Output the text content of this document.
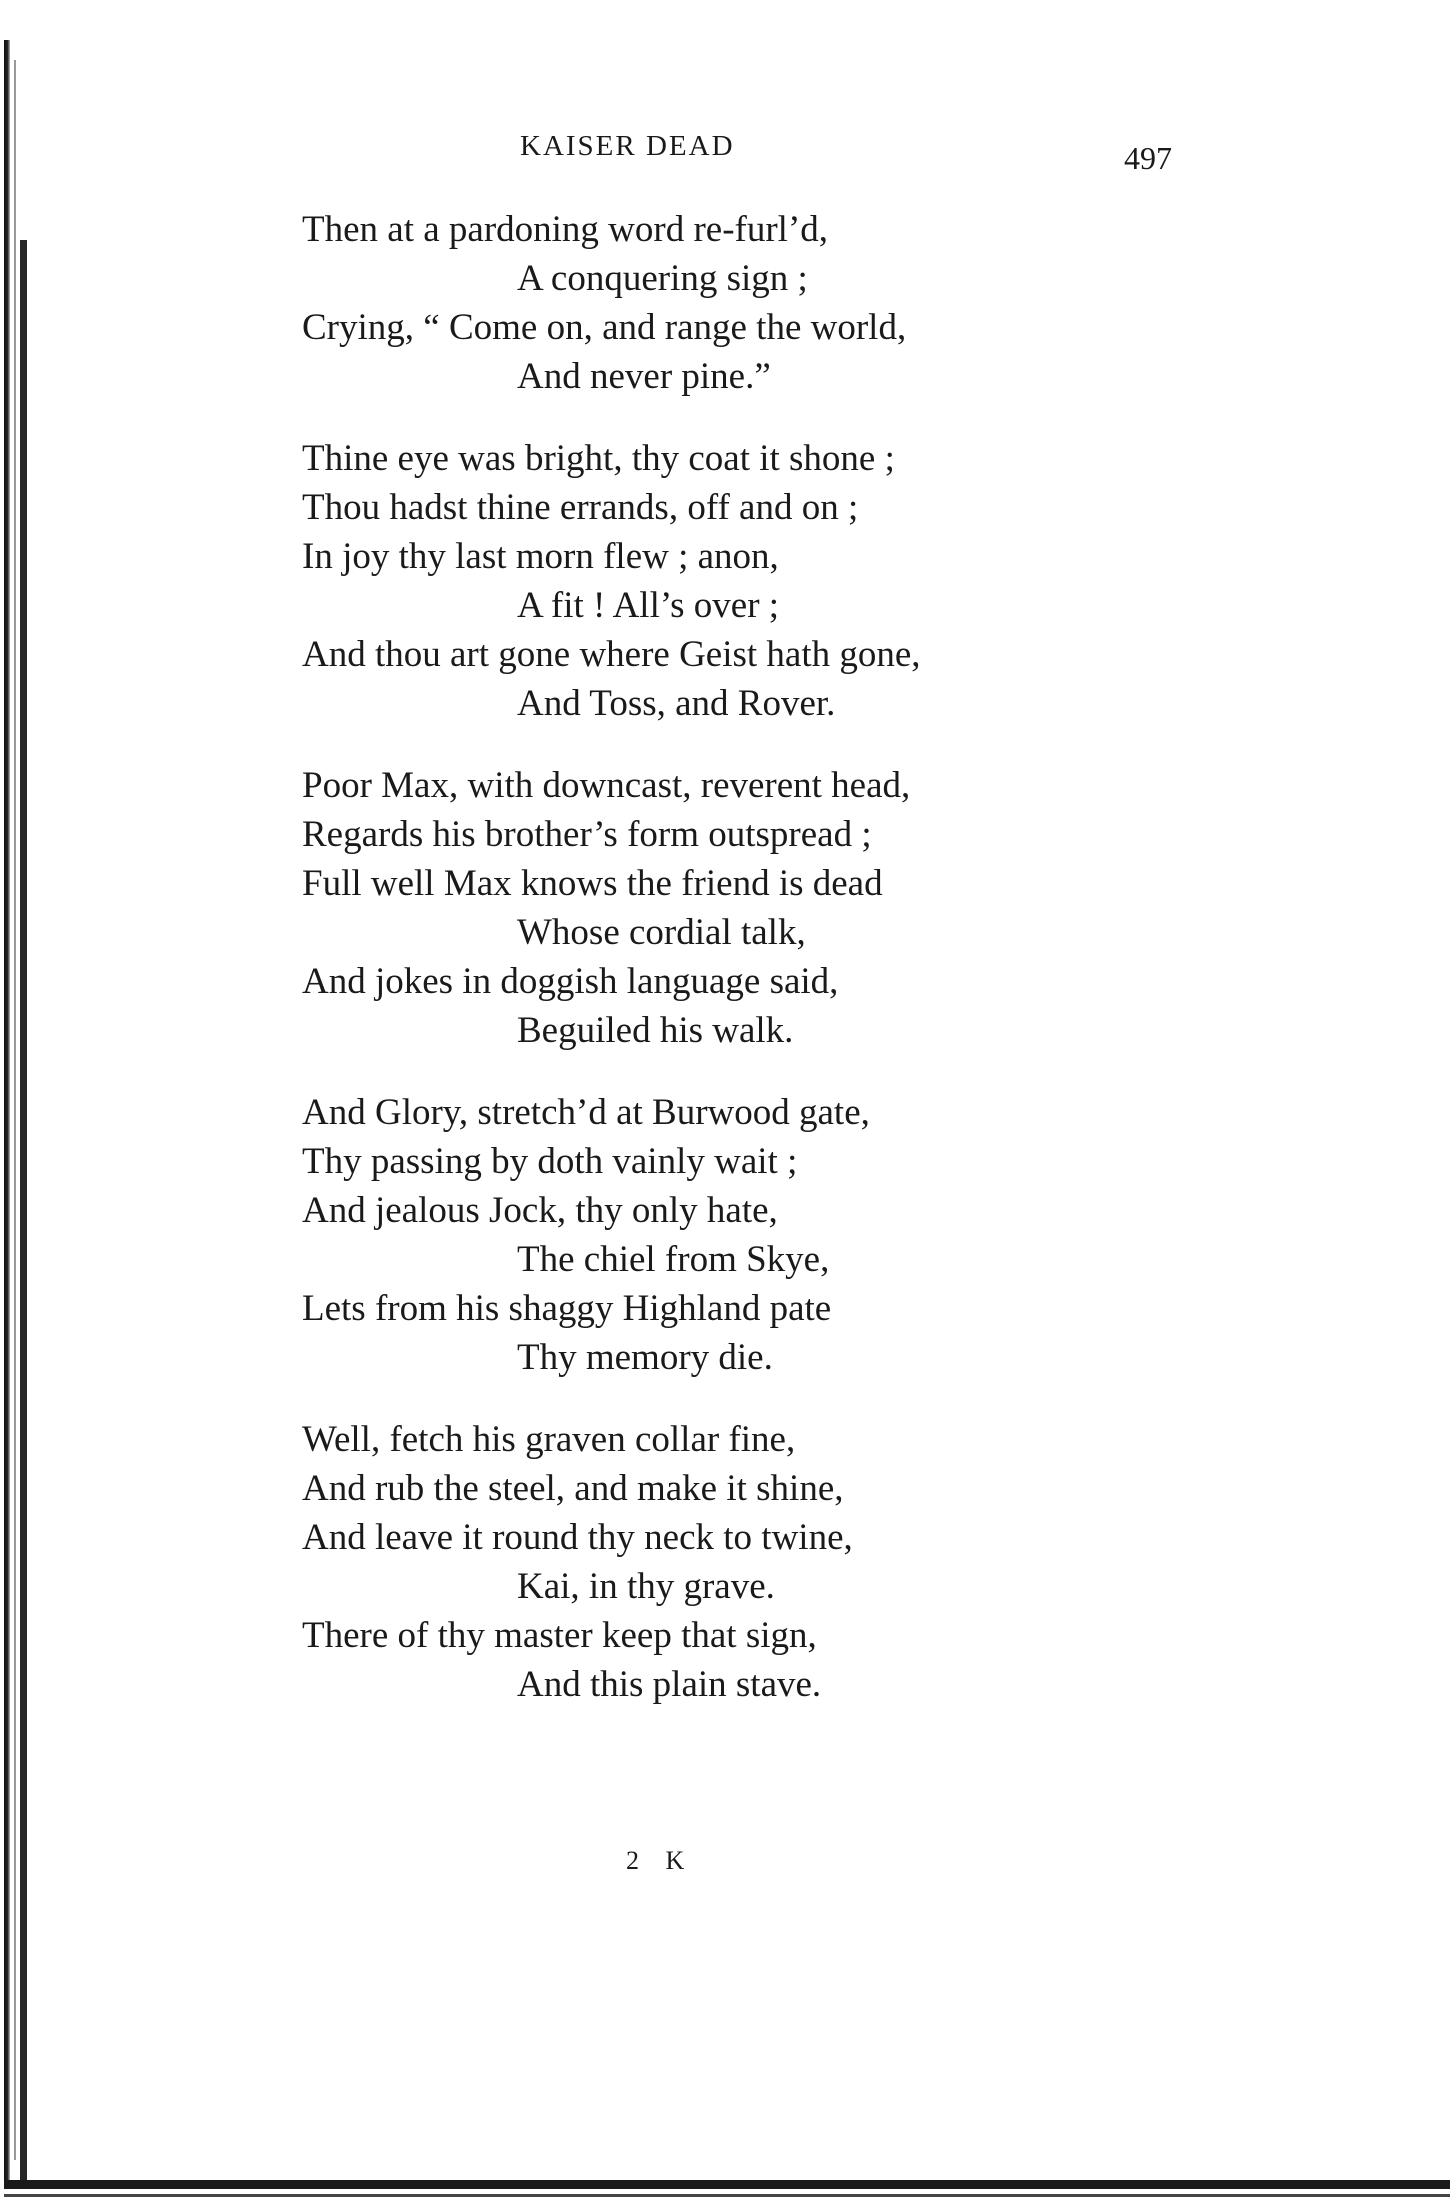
KAISER DEAD	497
Then at a pardoning word re-furl’d,
A conquering sign ;
Crying, “ Come on, and range the world,
And never pine.”
Thine eye was bright, thy coat it shone ;
Thou hadst thine errands, off and on ;
In joy thy last morn flew ; anon,
A fit ! All’s over ;
And thou art gone where Geist hath gone,
And Toss, and Rover.
Poor Max, with downcast, reverent head,
Regards his brother’s form outspread ;
Full well Max knows the friend is dead
Whose cordial talk,
And jokes in doggish language said,
Beguiled his walk.
And Glory, stretch’d at Burwood gate,
Thy passing by doth vainly wait ;
And jealous Jock, thy only hate,
The chiel from Skye,
Lets from his shaggy Highland pate
Thy memory die.
Well, fetch his graven collar fine,
And rub the steel, and make it shine,
And leave it round thy neck to twine,
Kai, in thy grave.
There of thy master keep that sign,
And this plain stave.
2 K
